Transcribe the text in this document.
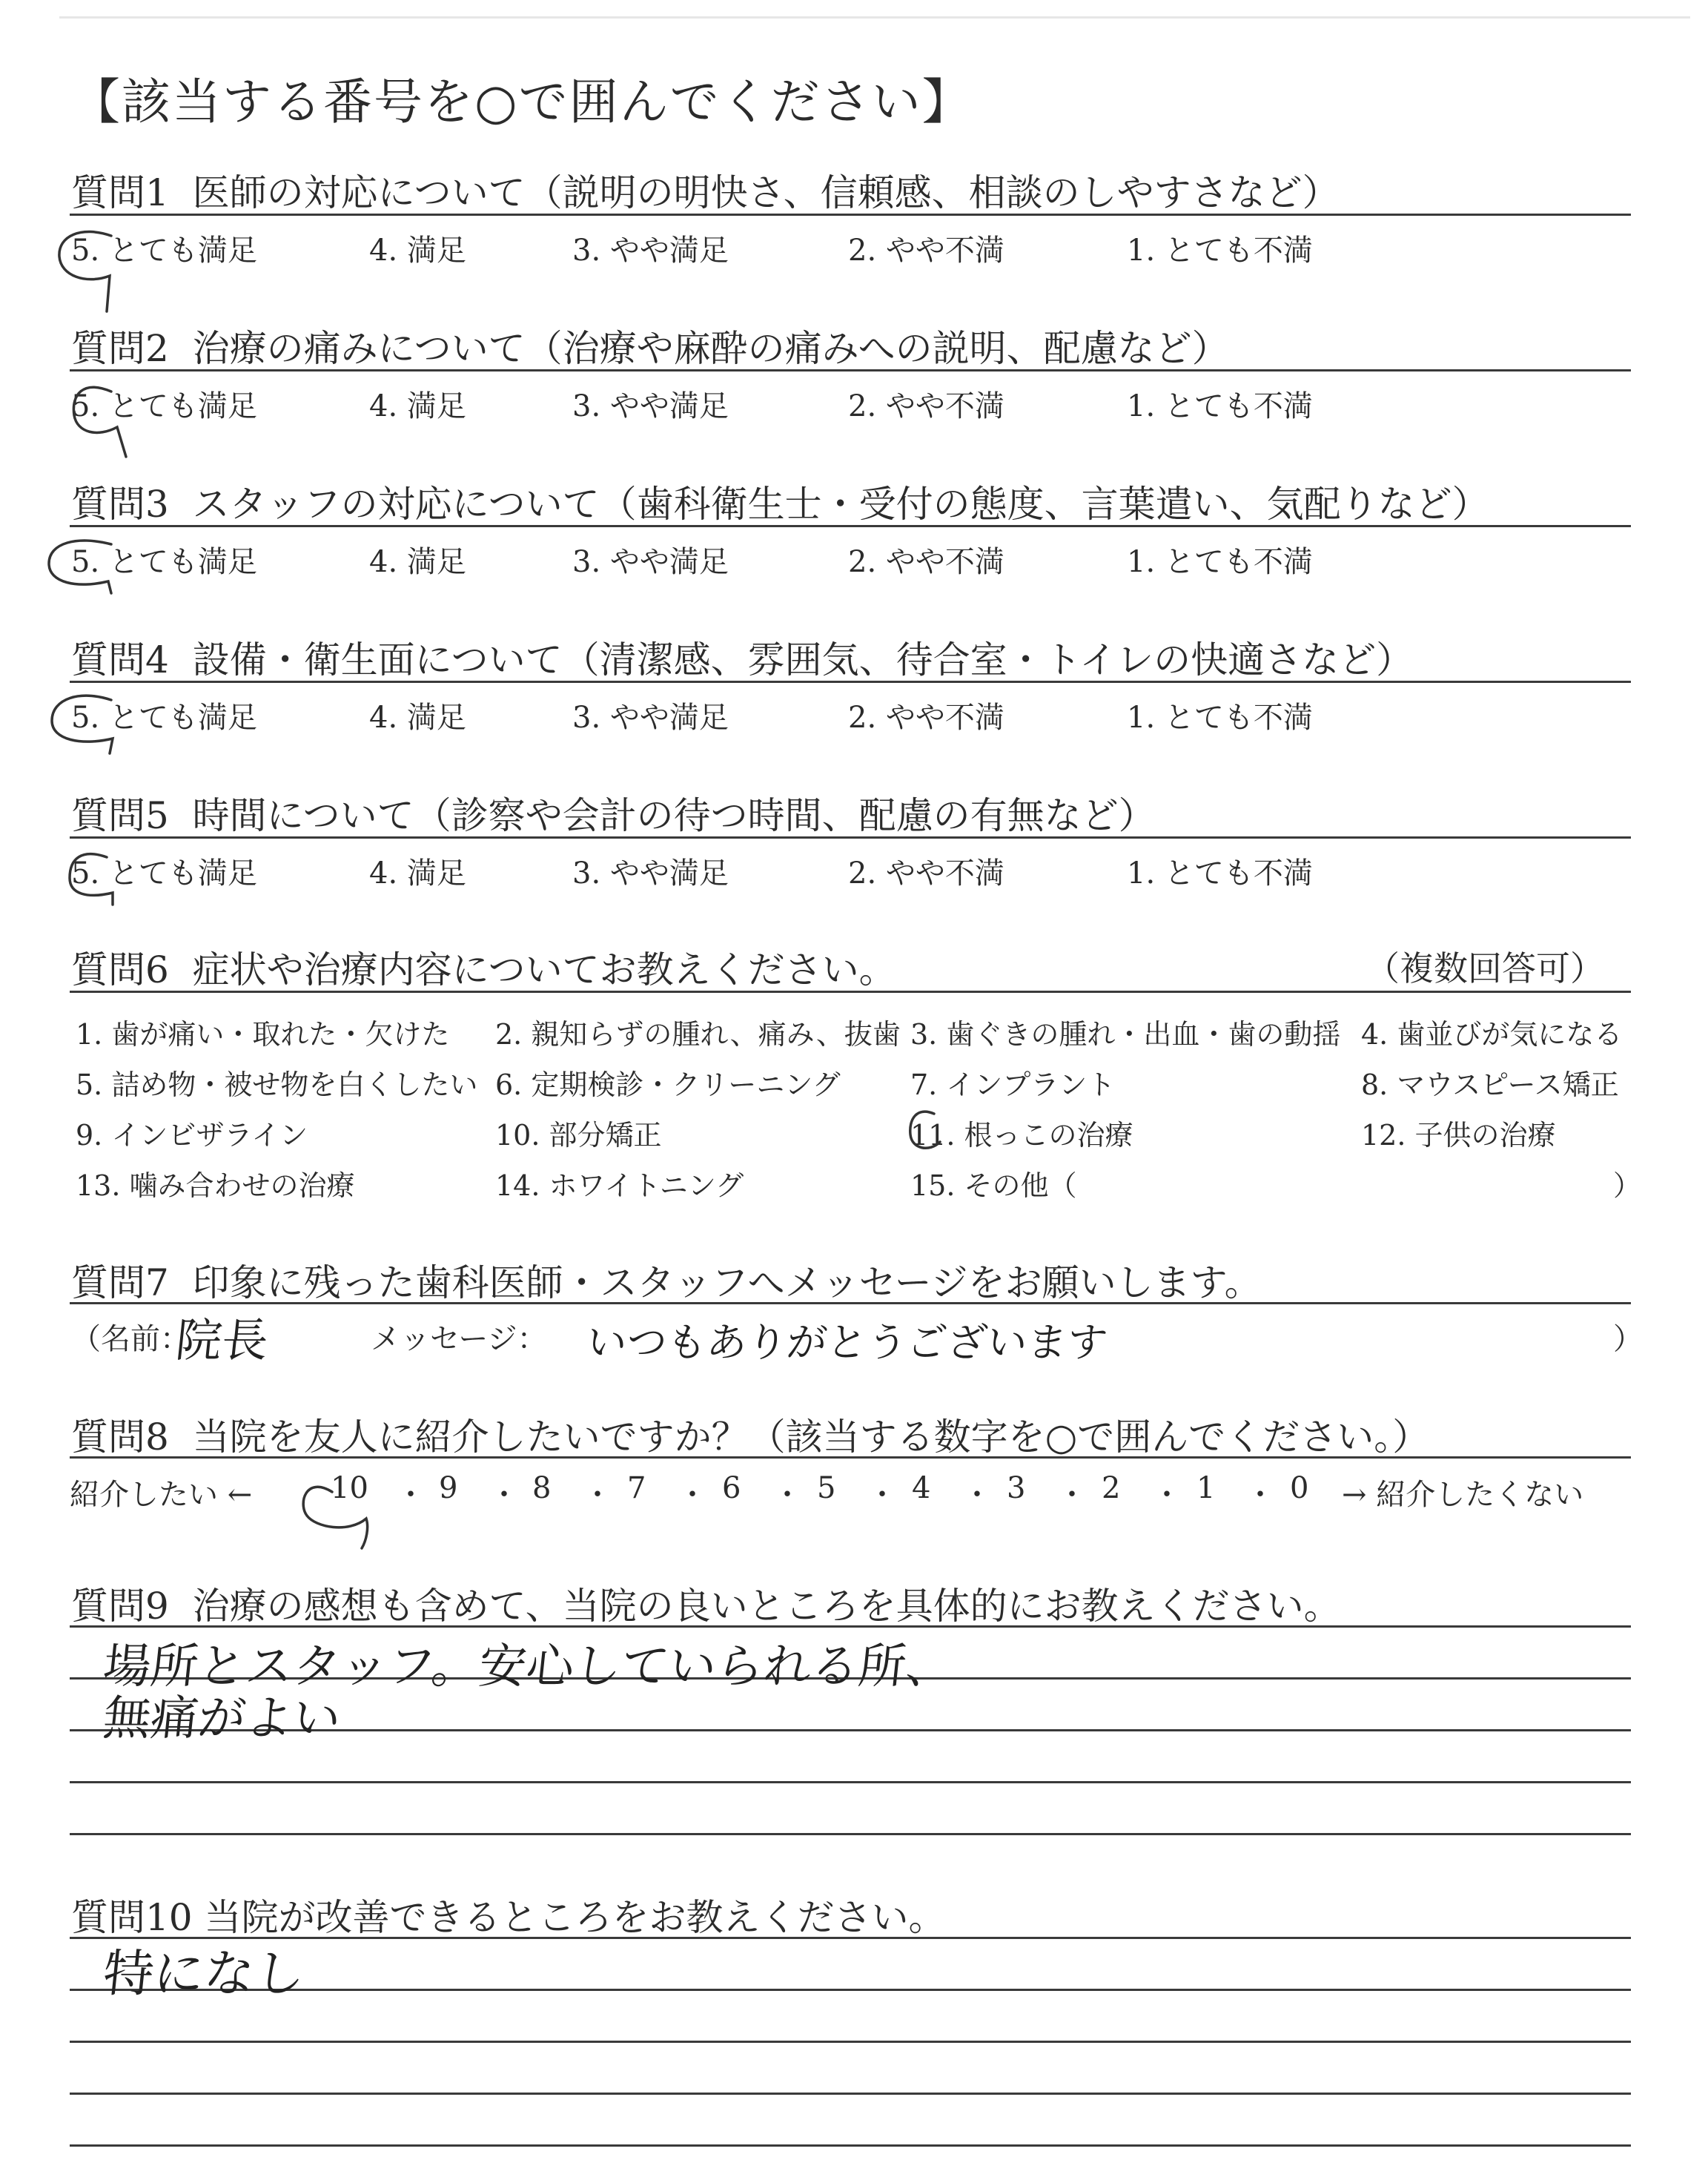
【該当する番号を○で囲んでください】
質問1 医師の対応について（説明の明快さ、信頼感、相談のしやすさなど）
5. とても満足	4. 満足	3. やや満足	2. やや不満	1. とても不満
質問2 治療の痛みについて（治療や麻酔の痛みへの説明、配慮など）
5. とても満足	4. 満足	3. やや満足	2. やや不満	1. とても不満
質問3 スタッフの対応について（歯科衛生士・受付の態度、言葉遣い、気配りなど）
5. とても満足	4. 満足	3. やや満足	2. やや不満	1. とても不満
質問4 設備・衛生面について（清潔感、雰囲気、待合室・トイレの快適さなど）
5. とても満足	4. 満足	3. やや満足	2. やや不満	1. とても不満
質問5 時間について（診察や会計の待つ時間、配慮の有無など）
5. とても満足	4. 満足	3. やや満足	2. やや不満	1. とても不満
質問6 症状や治療内容についてお教えください。	（複数回答可）
1. 歯が痛い・取れた・欠けた 2. 親知らずの腫れ、痛み、抜歯 3. 歯ぐきの腫れ・出血・歯の動揺 4. 歯並びが気になる
5. 詰め物・被せ物を白くしたい 6. 定期検診・クリーニング 7. インプラント	8. マウスピース矯正
9. インビザライン	10. 部分矯正	11. 根っこの治療	12. 子供の治療
13. 噛み合わせの治療	14. ホワイトニング	15. その他（	）
質問7 印象に残った歯科医師・スタッフへメッセージをお願いします。
（名前：
院長	メッセージ： いつもありがとうございます	）
質問8 当院を友人に紹介したいですか？（該当する数字を○で囲んでください。）
紹介したい ←	→ 紹介したくない
10 ・ 9 ・ 8 ・ 7 ・ 6 ・ 5 ・ 4 ・ 3 ・ 2 ・ 1 ・ 0
質問9 治療の感想も含めて、当院の良いところを具体的にお教えください。
場所とスタッフ。安心していられる所、
無痛がよい
質問10 当院が改善できるところをお教えください。
特になし
